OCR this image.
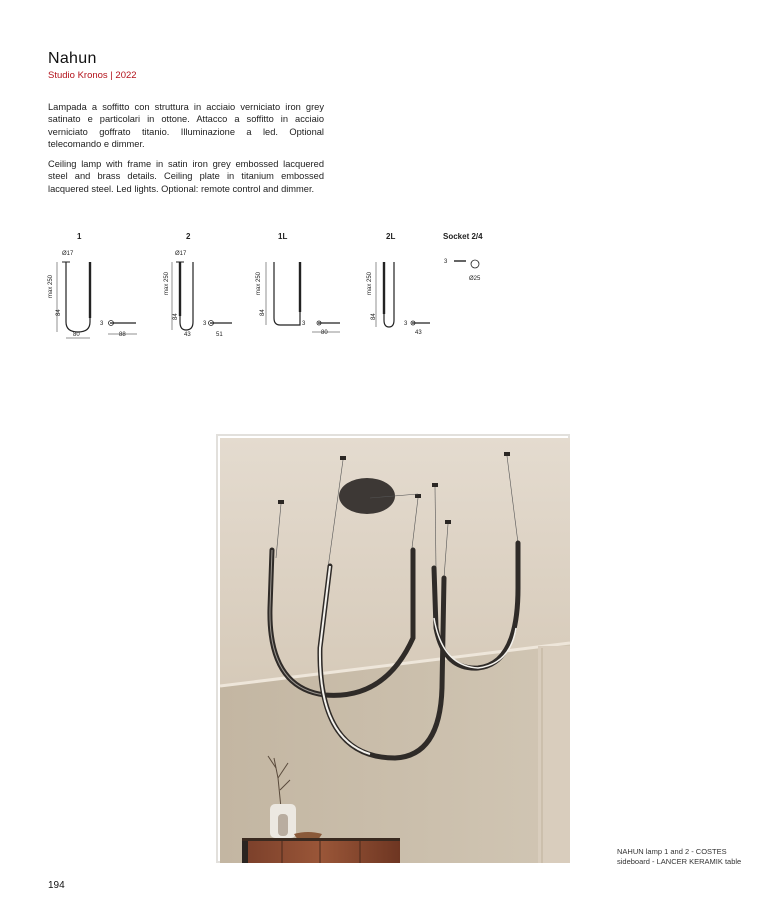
Nahun
Studio Kronos | 2022
Lampada a soffitto con struttura in acciaio verniciato iron grey satinato e particolari in ottone. Attacco a soffitto in acciaio verniciato goffrato titanio. Illuminazione a led. Optional telecomando e dimmer.
Ceiling lamp with frame in satin iron grey embossed lacquered steel and brass details. Ceiling plate in titanium embossed lacquered steel. Led lights. Optional: remote control and dimmer.
1	2	1L	2L	Socket 2/4
Ø17	Ø17
max 250	max 250	max 250	max 250
84
84
84
84
80	88	43	51	80	43
Ø25
3	3	3	3
3
NAHUN lamp 1 and 2 - COSTES sideboard - LANCER KERAMIK table
194
